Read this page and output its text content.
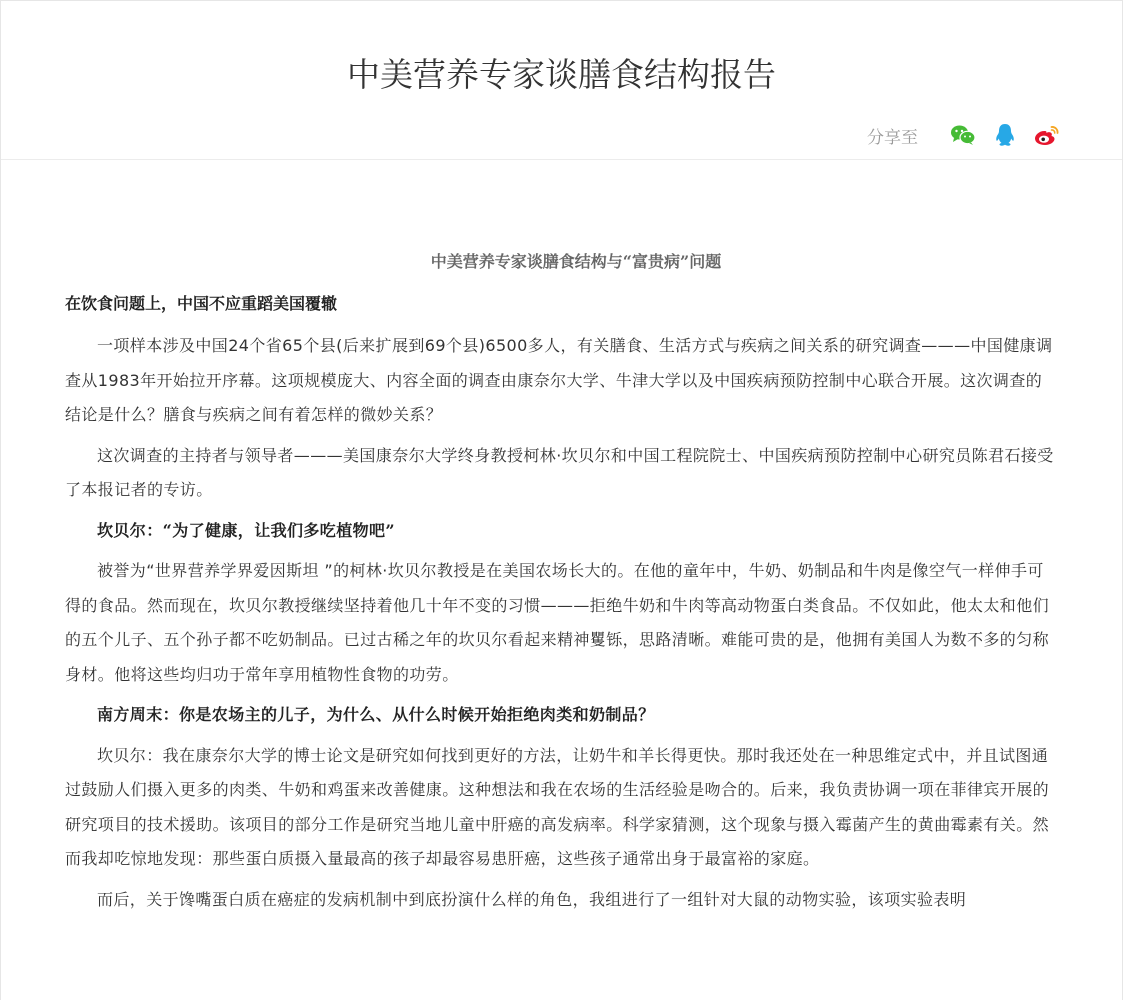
中美营养专家谈膳食结构报告
分享至
中美营养专家谈膳食结构与“富贵病”问题
在饮食问题上，中国不应重蹈美国覆辙

一项样本涉及中国24个省65个县(后来扩展到69个县)6500多人，有关膳食、生活方式与疾病之间关系的研究调查———中国健康调查从1983年开始拉开序幕。这项规模庞大、内容全面的调查由康奈尔大学、牛津大学以及中国疾病预防控制中心联合开展。这次调查的结论是什么？膳食与疾病之间有着怎样的微妙关系？

这次调查的主持者与领导者———美国康奈尔大学终身教授柯林·坎贝尔和中国工程院院士、中国疾病预防控制中心研究员陈君石接受了本报记者的专访。

坎贝尔：“为了健康，让我们多吃植物吧”

被誉为“世界营养学界爱因斯坦 ”的柯林·坎贝尔教授是在美国农场长大的。在他的童年中，牛奶、奶制品和牛肉是像空气一样伸手可得的食品。然而现在，坎贝尔教授继续坚持着他几十年不变的习惯———拒绝牛奶和牛肉等高动物蛋白类食品。不仅如此，他太太和他们的五个儿子、五个孙子都不吃奶制品。已过古稀之年的坎贝尔看起来精神矍铄，思路清晰。难能可贵的是，他拥有美国人为数不多的匀称身材。他将这些均归功于常年享用植物性食物的功劳。

南方周末：你是农场主的儿子，为什么、从什么时候开始拒绝肉类和奶制品？

坎贝尔：我在康奈尔大学的博士论文是研究如何找到更好的方法，让奶牛和羊长得更快。那时我还处在一种思维定式中，并且试图通过鼓励人们摄入更多的肉类、牛奶和鸡蛋来改善健康。这种想法和我在农场的生活经验是吻合的。后来，我负责协调一项在菲律宾开展的研究项目的技术援助。该项目的部分工作是研究当地儿童中肝癌的高发病率。科学家猜测，这个现象与摄入霉菌产生的黄曲霉素有关。然而我却吃惊地发现：那些蛋白质摄入量最高的孩子却最容易患肝癌，这些孩子通常出身于最富裕的家庭。

而后，关于馋嘴蛋白质在癌症的发病机制中到底扮演什么样的角色，我组进行了一组针对大鼠的动物实验，该项实验表明
